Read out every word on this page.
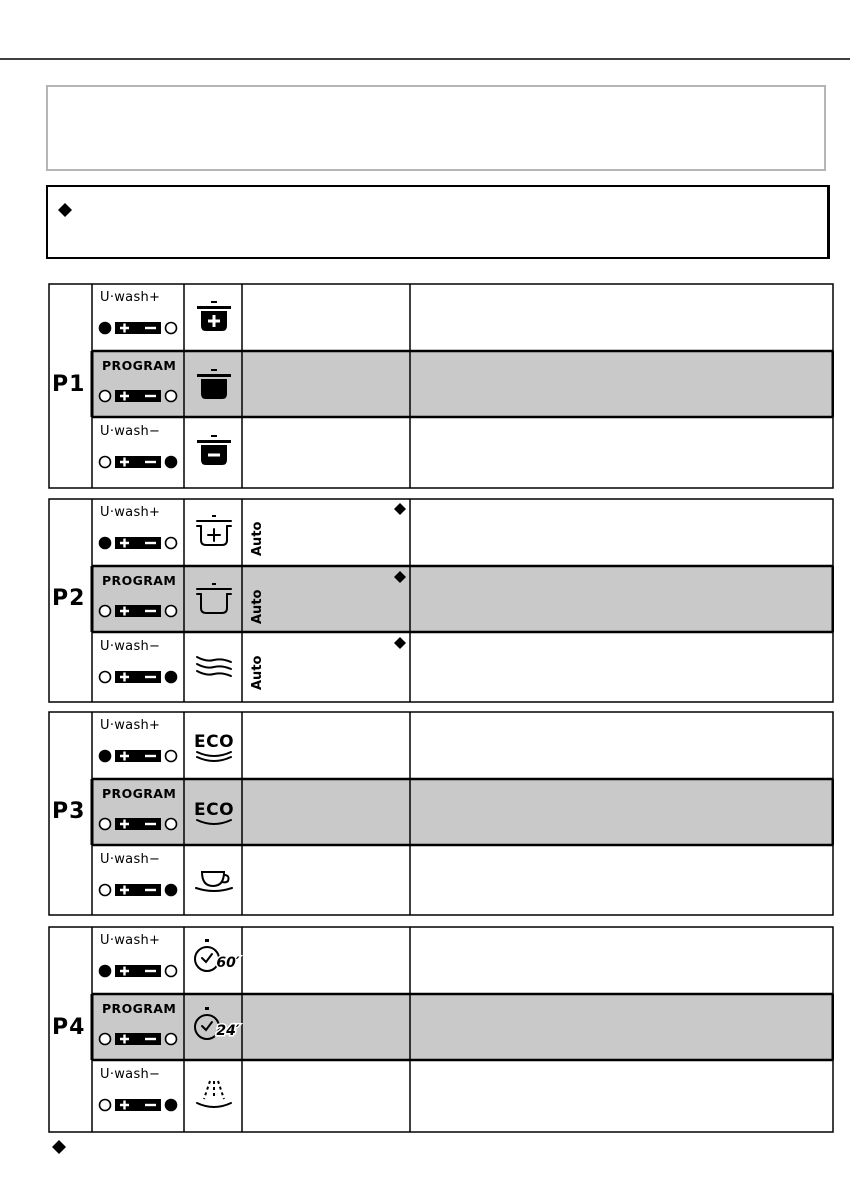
P1
U·wash+
PROGRAM
U·wash−
P2
U·wash+
Auto
PROGRAM
Auto
U·wash−
Auto
ECO
ECO
P3
U·wash+
PROGRAM
U·wash−
60′
24′
P4
U·wash+
PROGRAM
U·wash−
